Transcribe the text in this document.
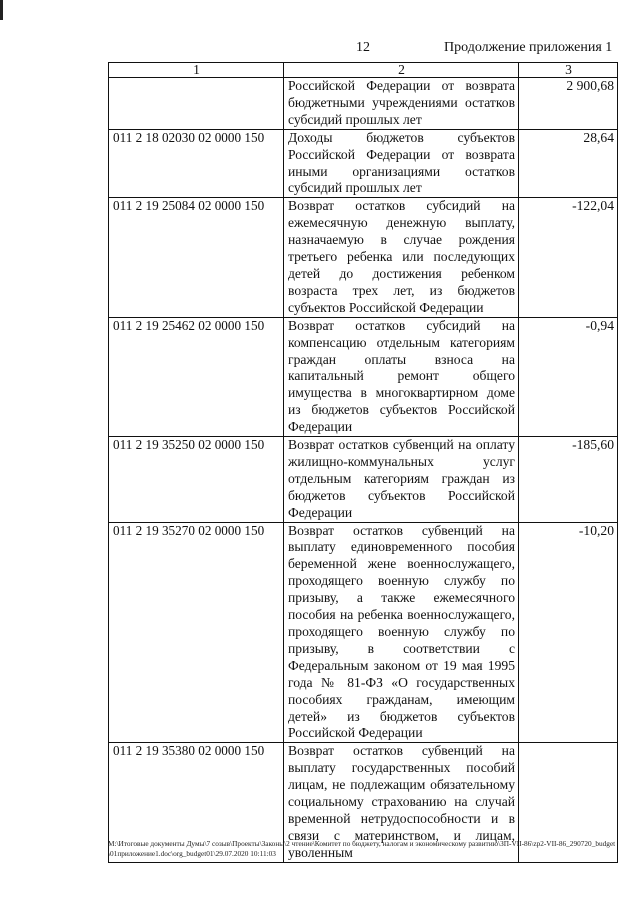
12	Продолжение приложения 1
1	2	3
	Российской Федерации от возврата бюджетными учреждениями остатков субсидий прошлых лет	2 900,68
011 2 18 02030 02 0000 150	Доходы бюджетов субъектов Российской Федерации от возврата иными организациями остатков субсидий прошлых лет	28,64
011 2 19 25084 02 0000 150	Возврат остатков субсидий на ежемесячную денежную выплату, назначаемую в случае рождения третьего ребенка или последующих детей до достижения ребенком возраста трех лет, из бюджетов субъектов Российской Федерации	-122,04
011 2 19 25462 02 0000 150	Возврат остатков субсидий на компенсацию отдельным категориям граждан оплаты взноса на капитальный ремонт общего имущества в многоквартирном доме из бюджетов субъектов Российской Федерации	-0,94
011 2 19 35250 02 0000 150	Возврат остатков субвенций на оплату жилищно-коммунальных услуг отдельным категориям граждан из бюджетов субъектов Российской Федерации	-185,60
011 2 19 35270 02 0000 150	Возврат остатков субвенций на выплату единовременного пособия беременной жене военнослужащего, проходящего военную службу по призыву, а также ежемесячного пособия на ребенка военнослужащего, проходящего военную службу по призыву, в соответствии с Федеральным законом от 19 мая 1995 года № 81-ФЗ «О государственных пособиях гражданам, имеющим детей» из бюджетов субъектов Российской Федерации	-10,20
011 2 19 35380 02 0000 150	Возврат остатков субвенций на выплату государственных пособий лицам, не подлежащим обязательному социальному страхованию на случай временной нетрудоспособности и в связи с материнством, и лицам, уволенным	
M:\Итоговые документы Думы\7 созыв\Проекты\Законы\2 чтение\Комитет по бюджету, налогам и экономическому развитию\ЗП-VII-86\zp2-VII-86_290720_budget\01приложение1.doc\org_budget01\29.07.2020 10:11:03
